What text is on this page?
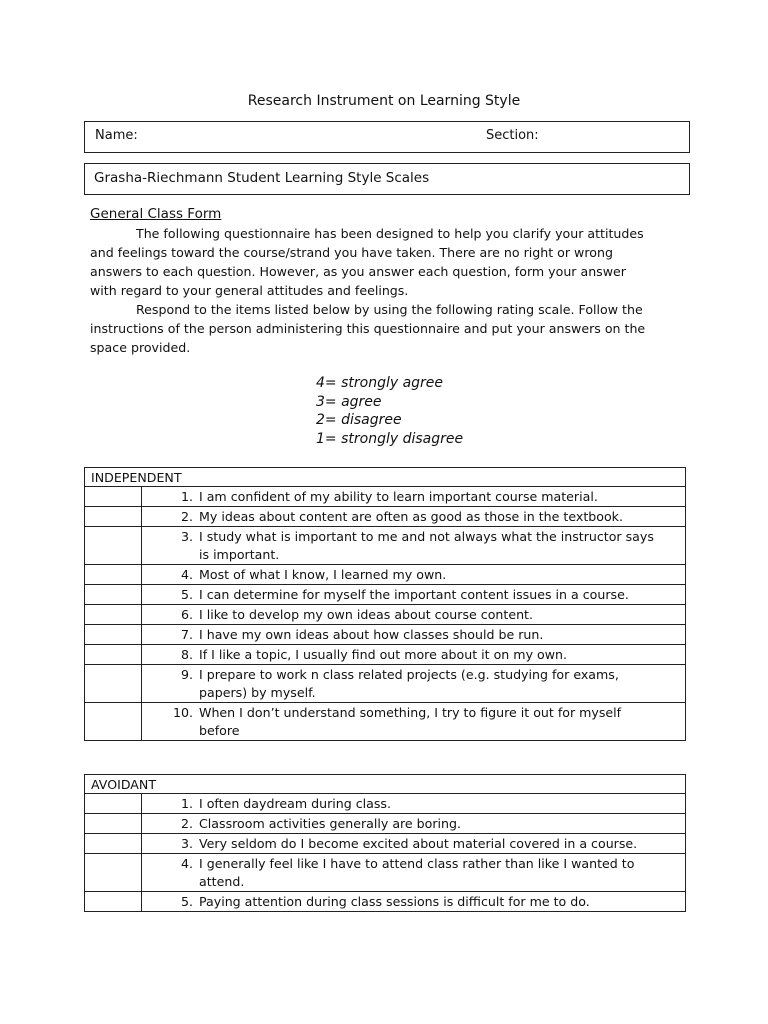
Research Instrument on Learning Style
Name:	Section:
Grasha-Riechmann Student Learning Style Scales
General Class Form
The following questionnaire has been designed to help you clarify your attitudes
and feelings toward the course/strand you have taken. There are no right or wrong
answers to each question. However, as you answer each question, form your answer
with regard to your general attitudes and feelings.
Respond to the items listed below by using the following rating scale. Follow the
instructions of the person administering this questionnaire and put your answers on the
space provided.
4= strongly agree
3= agree
2= disagree
1= strongly disagree
INDEPENDENT	

	1. I am confident of my ability to learn important course material.

	2. My ideas about content are often as good as those in the textbook.

	3. I study what is important to me and not always what the instructor says
is important.

	4. Most of what I know, I learned my own.

	5. I can determine for myself the important content issues in a course.

	6. I like to develop my own ideas about course content.

	7. I have my own ideas about how classes should be run.

	8. If I like a topic, I usually find out more about it on my own.

	9. I prepare to work n class related projects (e.g. studying for exams,
papers) by myself.

	10. When I don’t understand something, I try to figure it out for myself
before
AVOIDANT	

	1. I often daydream during class.

	2. Classroom activities generally are boring.

	3. Very seldom do I become excited about material covered in a course.

	4. I generally feel like I have to attend class rather than like I wanted to
attend.

	5. Paying attention during class sessions is difficult for me to do.
